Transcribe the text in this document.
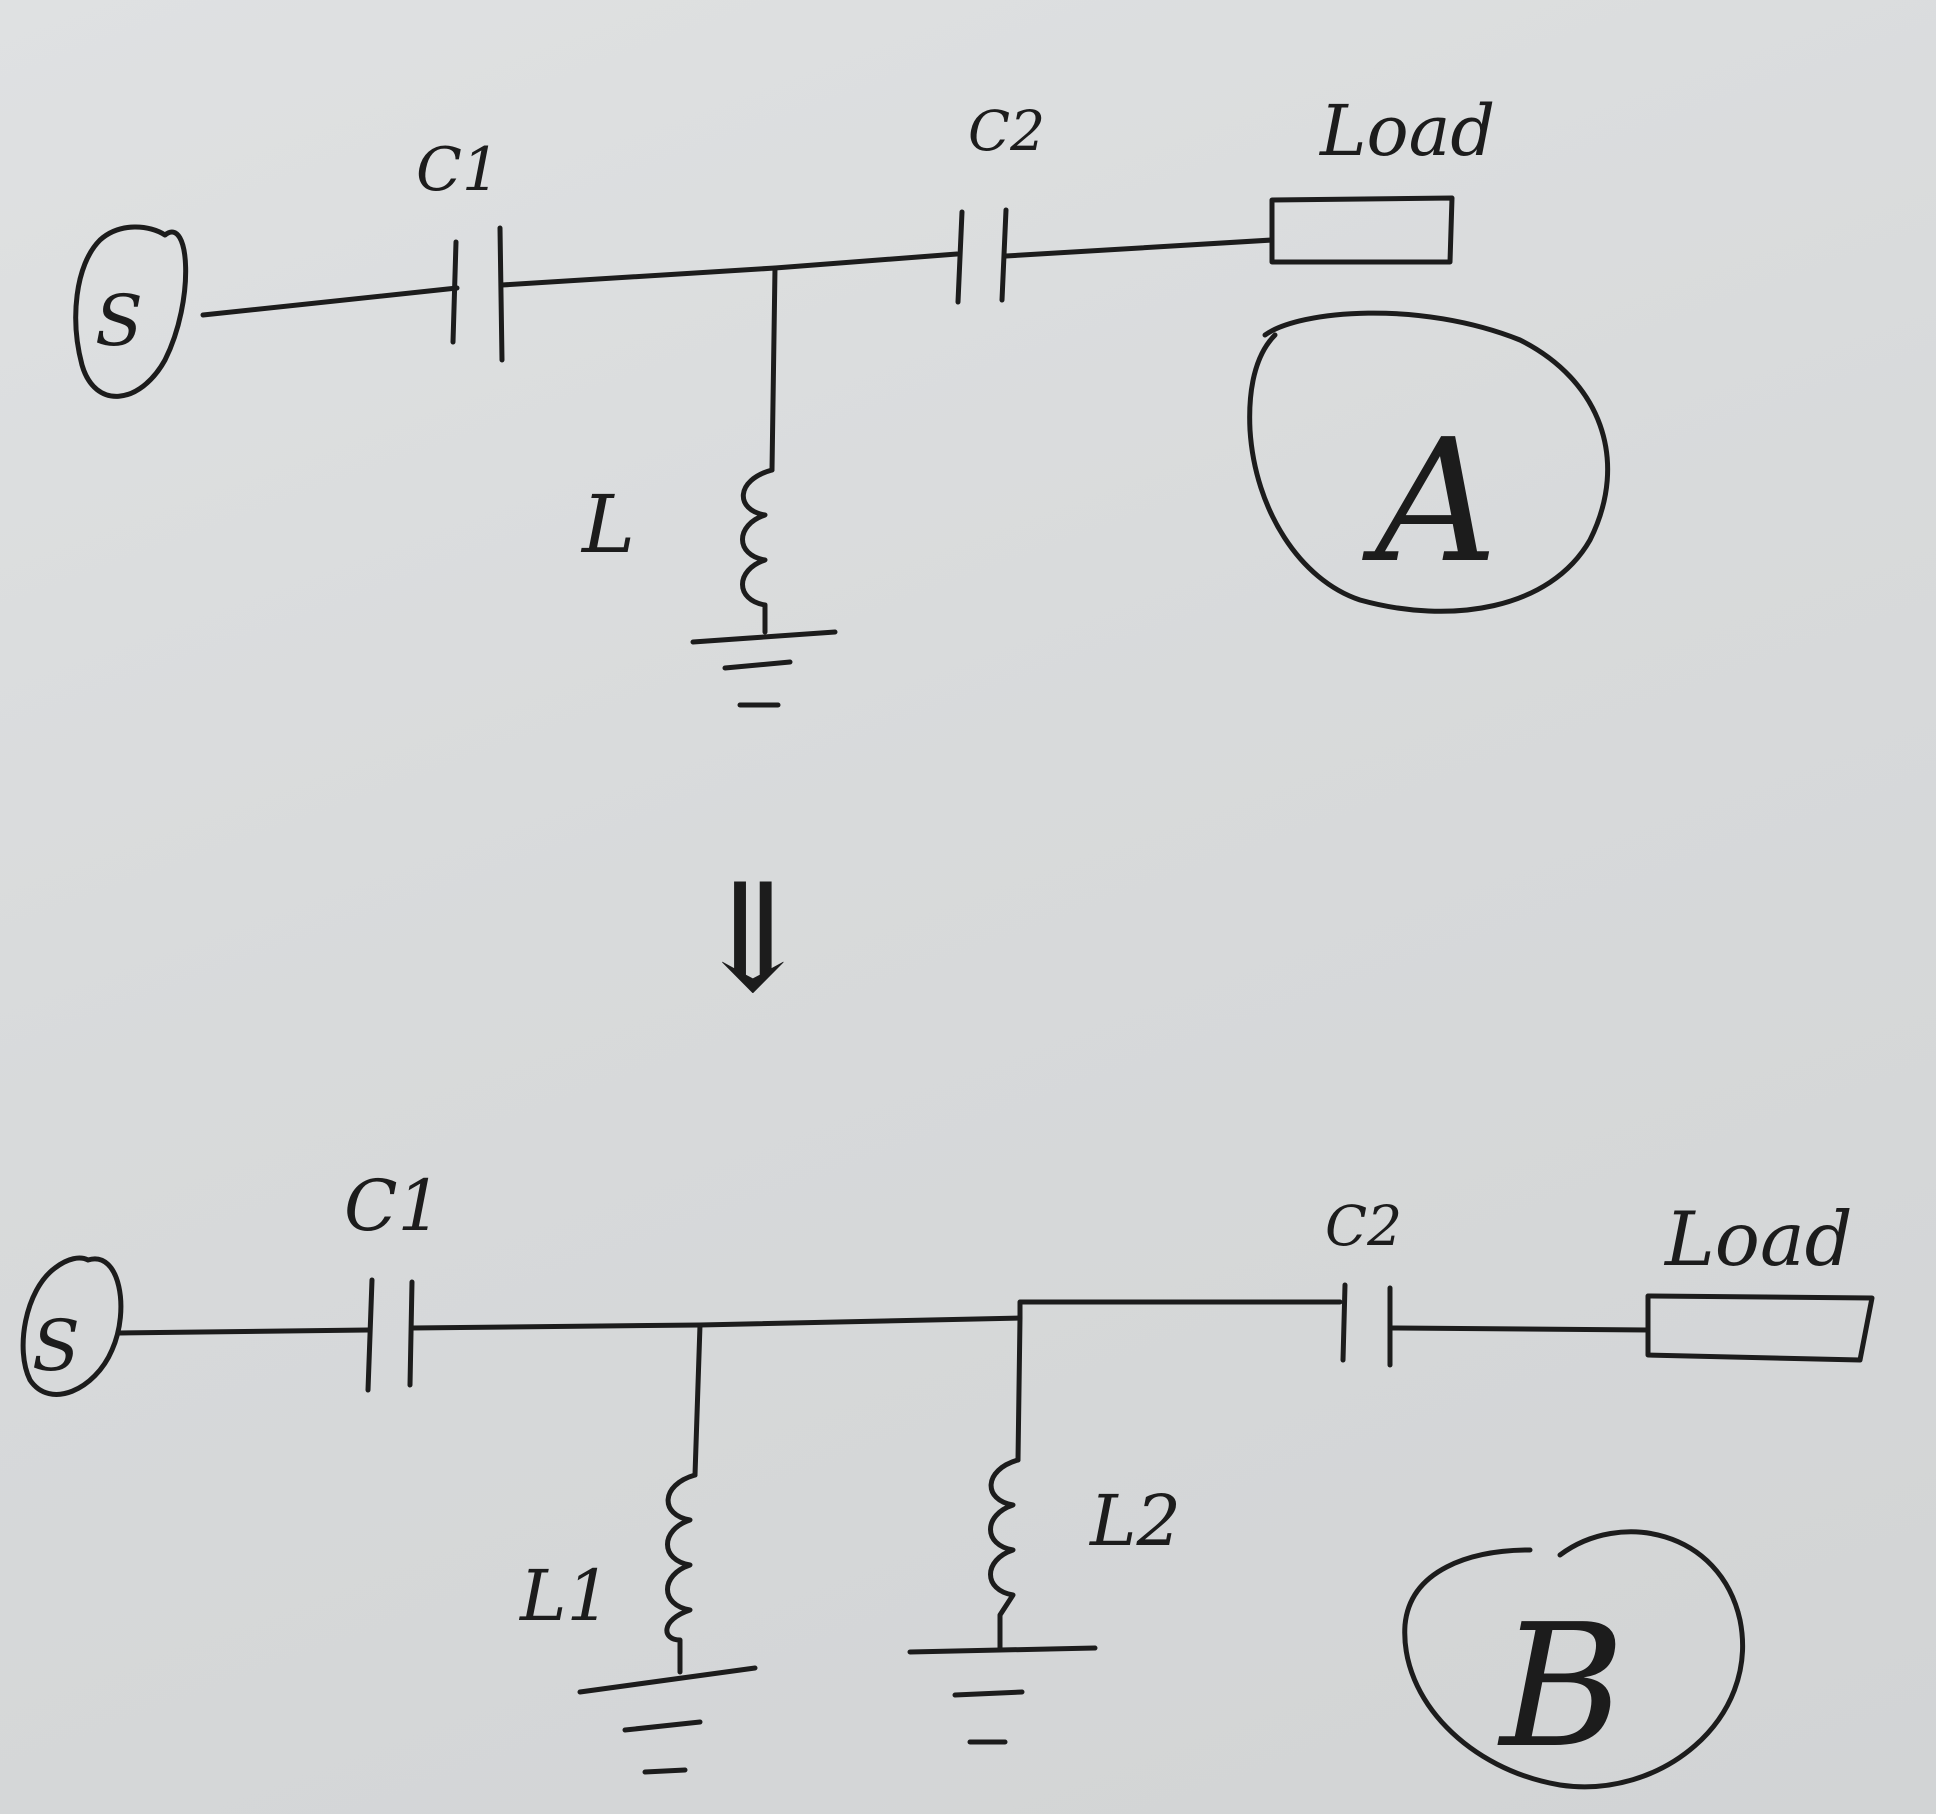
S
C1
C2	Load
L	A
⇓
S
C1	C2	Load
L1
L2
B
